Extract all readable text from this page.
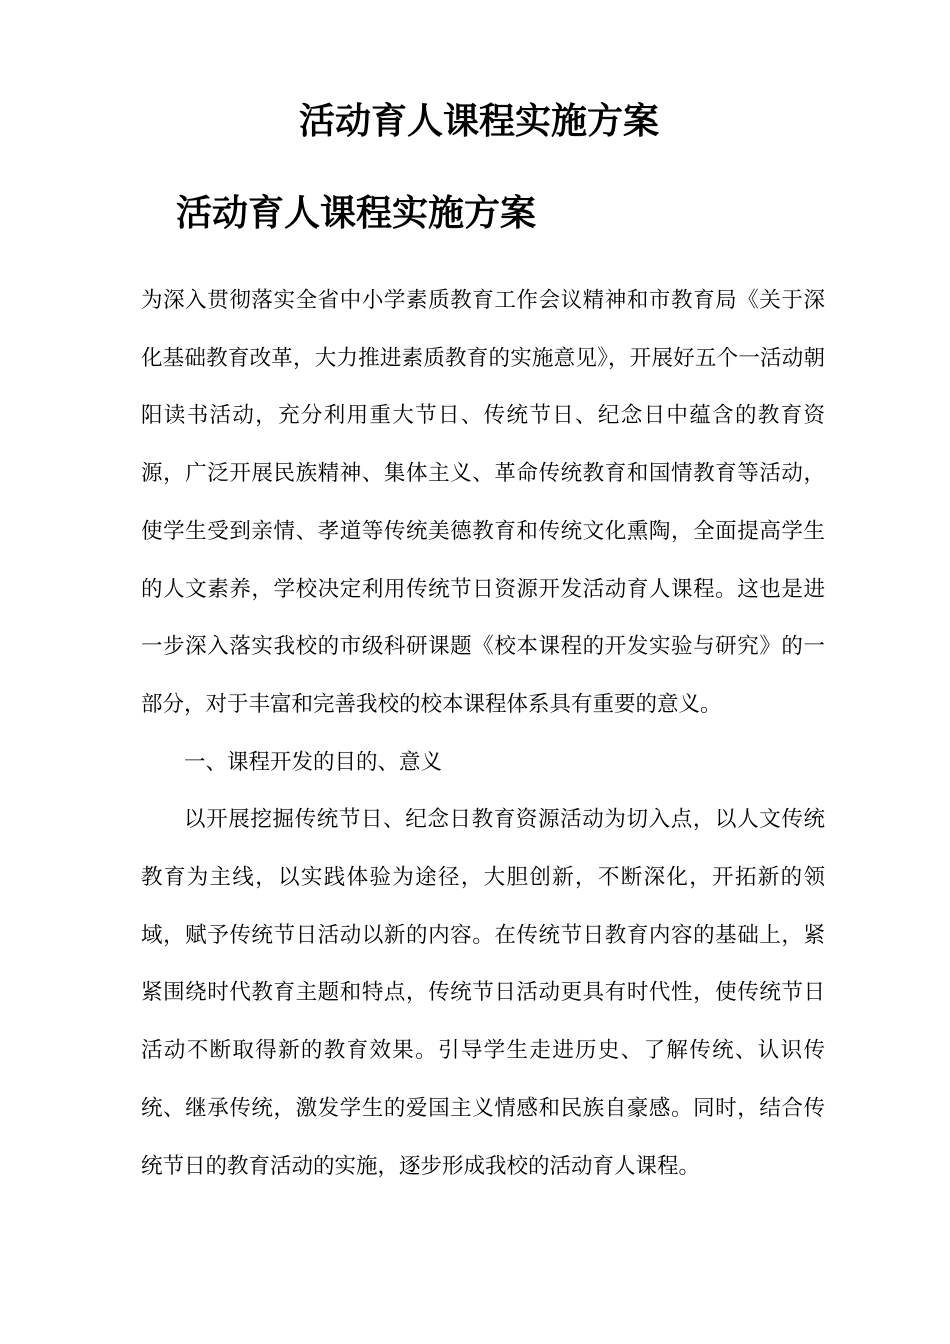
活动育人课程实施方案
活动育人课程实施方案

为深入贯彻落实全省中小学素质教育工作会议精神和市教育局《关于深化基础教育改革，大力推进素质教育的实施意见》，开展好五个一活动朝阳读书活动，充分利用重大节日、传统节日、纪念日中蕴含的教育资源，广泛开展民族精神、集体主义、革命传统教育和国情教育等活动，使学生受到亲情、孝道等传统美德教育和传统文化熏陶，全面提高学生的人文素养，学校决定利用传统节日资源开发活动育人课程。这也是进一步深入落实我校的市级科研课题《校本课程的开发实验与研究》的一部分，对于丰富和完善我校的校本课程体系具有重要的意义。

一、课程开发的目的、意义

以开展挖掘传统节日、纪念日教育资源活动为切入点，以人文传统教育为主线，以实践体验为途径，大胆创新，不断深化，开拓新的领域，赋予传统节日活动以新的内容。在传统节日教育内容的基础上，紧紧围绕时代教育主题和特点，传统节日活动更具有时代性，使传统节日活动不断取得新的教育效果。引导学生走进历史、了解传统、认识传统、继承传统，激发学生的爱国主义情感和民族自豪感。同时，结合传统节日的教育活动的实施，逐步形成我校的活动育人课程。
